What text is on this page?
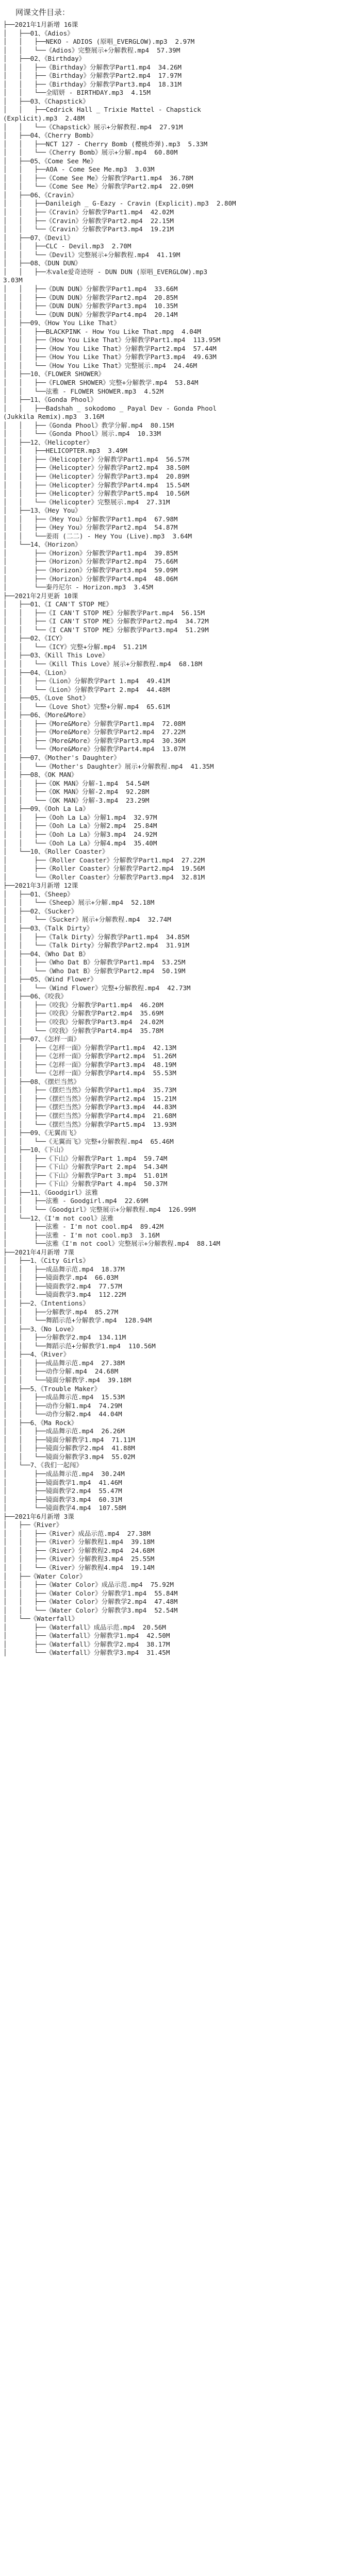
网课文件目录：
├──2021年1月新增 16课
│   ├──01、《Adios》
│   │   ├──NEKO - ADIOS (原唱_EVERGLOW).mp3  2.97M
│   │   └──《Adios》完整展示+分解教程.mp4  57.39M
│   ├──02、《Birthday》
│   │   ├──《Birthday》分解教学Part1.mp4  34.26M
│   │   ├──《Birthday》分解教学Part2.mp4  17.97M
│   │   ├──《Birthday》分解教学Part3.mp4  18.31M
│   │   └──全昭妍 - BIRTHDAY.mp3  4.15M
│   ├──03、《Chapstick》
│   │   ├──Cedrick Hall _ Trixie Mattel - Chapstick
(Explicit).mp3  2.48M
│   │   └──《Chapstick》展示+分解教程.mp4  27.91M
│   ├──04、《Cherry Bomb》
│   │   ├──NCT 127 - Cherry Bomb (樱桃炸弹).mp3  5.33M
│   │   └──《Cherry Bomb》展示+分解.mp4  60.80M
│   ├──05、《Come See Me》
│   │   ├──AOA - Come See Me.mp3  3.03M
│   │   ├──《Come See Me》分解教学Part1.mp4  36.78M
│   │   └──《Come See Me》分解教学Part2.mp4  22.09M
│   ├──06、《Cravin》
│   │   ├──Danileigh _ G-Eazy - Cravin (Explicit).mp3  2.80M
│   │   ├──《Cravin》分解教学Part1.mp4  42.02M
│   │   ├──《Cravin》分解教学Part2.mp4  22.15M
│   │   └──《Cravin》分解教学Part3.mp4  19.21M
│   ├──07、《Devil》
│   │   ├──CLC - Devil.mp3  2.70M
│   │   └──《Devil》完整展示+分解教程.mp4  41.19M
│   ├──08、《DUN DUN》
│   │   ├──木vale爱奇迹呀 - DUN DUN (原唱_EVERGLOW).mp3
3.03M
│   │   ├──《DUN DUN》分解教学Part1.mp4  33.66M
│   │   ├──《DUN DUN》分解教学Part2.mp4  20.85M
│   │   ├──《DUN DUN》分解教学Part3.mp4  10.35M
│   │   └──《DUN DUN》分解教学Part4.mp4  20.14M
│   ├──09、《How You Like That》
│   │   ├──BLACKPINK - How You Like That.mpg  4.04M
│   │   ├──《How You Like That》分解教学Part1.mp4  113.95M
│   │   ├──《How You Like That》分解教学Part2.mp4  57.44M
│   │   ├──《How You Like That》分解教学Part3.mp4  49.63M
│   │   └──《How You Like That》完整展示.mp4  24.46M
│   ├──10、《FLOWER SHOWER》
│   │   ├──《FLOWER SHOWER》完整+分解教学.mp4  53.84M
│   │   └──泫雅 - FLOWER SHOWER.mp3  4.52M
│   ├──11、《Gonda Phool》
│   │   ├──Badshah _ sokodomo _ Payal Dev - Gonda Phool
(Jukkila Remix).mp3  3.16M
│   │   ├──《Gonda Phool》教学分解.mp4  80.15M
│   │   └──《Gonda Phool》展示.mp4  10.33M
│   ├──12、《Helicopter》
│   │   ├──HELICOPTER.mp3  3.49M
│   │   ├──《Helicopter》分解教学Part1.mp4  56.57M
│   │   ├──《Helicopter》分解教学Part2.mp4  38.50M
│   │   ├──《Helicopter》分解教学Part3.mp4  20.89M
│   │   ├──《Helicopter》分解教学Part4.mp4  15.54M
│   │   ├──《Helicopter》分解教学Part5.mp4  10.56M
│   │   └──《Helicopter》完整展示.mp4  27.31M
│   ├──13、《Hey You》
│   │   ├──《Hey You》分解教学Part1.mp4  67.98M
│   │   ├──《Hey You》分解教学Part2.mp4  54.87M
│   │   └──姜雨 (二二) - Hey You (Live).mp3  3.64M
│   └──14、《Horizon》
│       ├──《Horizon》分解教学Part1.mp4  39.85M
│       ├──《Horizon》分解教学Part2.mp4  75.66M
│       ├──《Horizon》分解教学Part3.mp4  59.09M
│       ├──《Horizon》分解教学Part4.mp4  48.06M
│       └──秦丹尼尔 - Horizon.mp3  3.45M
├──2021年2月更新 10课
│   ├──01、《I CAN'T STOP ME》
│   │   ├──《I CAN'T STOP ME》分解教学Part.mp4  56.15M
│   │   ├──《I CAN'T STOP ME》分解教学Part2.mp4  34.72M
│   │   └──《I CAN'T STOP ME》分解教学Part3.mp4  51.29M
│   ├──02、《ICY》
│   │   └──《ICY》完整+分解.mp4  51.21M
│   ├──03、《Kill This Love》
│   │   └──《Kill This Love》展示+分解教程.mp4  68.18M
│   ├──04、《Lion》
│   │   ├──《Lion》分解教学Part 1.mp4  49.41M
│   │   └──《Lion》分解教学Part 2.mp4  44.48M
│   ├──05、《Love Shot》
│   │   └──《Love Shot》完整+分解.mp4  65.61M
│   ├──06、《More&More》
│   │   ├──《More&More》分解教学Part1.mp4  72.08M
│   │   ├──《More&More》分解教学Part2.mp4  27.22M
│   │   ├──《More&More》分解教学Part3.mp4  30.36M
│   │   └──《More&More》分解教学Part4.mp4  13.07M
│   ├──07、《Mother's Daughter》
│   │   └──《Mother's Daughter》展示+分解教程.mp4  41.35M
│   ├──08、《OK MAN》
│   │   ├──《OK MAN》分解-1.mp4  54.54M
│   │   ├──《OK MAN》分解-2.mp4  92.28M
│   │   └──《OK MAN》分解-3.mp4  23.29M
│   ├──09、《Ooh La La》
│   │   ├──《Ooh La La》分解1.mp4  32.97M
│   │   ├──《Ooh La La》分解2.mp4  25.84M
│   │   ├──《Ooh La La》分解3.mp4  24.92M
│   │   └──《Ooh La La》分解4.mp4  35.40M
│   └──10、《Roller Coaster》
│       ├──《Roller Coaster》分解教学Part1.mp4  27.22M
│       ├──《Roller Coaster》分解教学Part2.mp4  19.56M
│       └──《Roller Coaster》分解教学Part3.mp4  32.81M
├──2021年3月新增 12课
│   ├──01、《Sheep》
│   │   └──《Sheep》展示+分解.mp4  52.18M
│   ├──02、《Sucker》
│   │   └──《Sucker》展示+分解教程.mp4  32.74M
│   ├──03、《Talk Dirty》
│   │   ├──《Talk Dirty》分解教学Part1.mp4  34.85M
│   │   └──《Talk Dirty》分解教学Part2.mp4  31.91M
│   ├──04、《Who Dat B》
│   │   ├──《Who Dat B》分解教学Part1.mp4  53.25M
│   │   └──《Who Dat B》分解教学Part2.mp4  50.19M
│   ├──05、《Wind Flower》
│   │   └──《Wind Flower》完整+分解教程.mp4  42.73M
│   ├──06、《咬我》
│   │   ├──《咬我》分解教学Part1.mp4  46.20M
│   │   ├──《咬我》分解教学Part2.mp4  35.69M
│   │   ├──《咬我》分解教学Part3.mp4  24.02M
│   │   └──《咬我》分解教学Part4.mp4  35.78M
│   ├──07、《怎样一面》
│   │   ├──《怎样一面》分解教学Part1.mp4  42.13M
│   │   ├──《怎样一面》分解教学Part2.mp4  51.26M
│   │   ├──《怎样一面》分解教学Part3.mp4  48.19M
│   │   └──《怎样一面》分解教学Part4.mp4  55.53M
│   ├──08、《摆烂当然》
│   │   ├──《摆烂当然》分解教学Part1.mp4  35.73M
│   │   ├──《摆烂当然》分解教学Part2.mp4  15.21M
│   │   ├──《摆烂当然》分解教学Part3.mp4  44.83M
│   │   ├──《摆烂当然》分解教学Part4.mp4  21.68M
│   │   └──《摆烂当然》分解教学Part5.mp4  13.93M
│   ├──09、《无翼而飞》
│   │   └──《无翼而飞》完整+分解教程.mp4  65.46M
│   ├──10、《下山》
│   │   ├──《下山》分解教学Part 1.mp4  59.74M
│   │   ├──《下山》分解教学Part 2.mp4  54.34M
│   │   ├──《下山》分解教学Part 3.mp4  51.01M
│   │   ├──《下山》分解教学Part 4.mp4  50.37M
│   ├──11、《Goodgirl》泫雅
│   │   ├──泫雅 - Goodgirl.mp4  22.69M
│   │   └──《Goodgirl》完整展示+分解教程.mp4  126.99M
│   └──12、《I'm not cool》泫雅
│       ├──泫雅 - I'm not cool.mp4  89.42M
│       ├──泫雅 - I'm not cool.mp3  3.16M
│       └──泫雅《I'm not cool》完整展示+分解教程.mp4  88.14M
├──2021年4月新增 7课
│   ├──1、《City Girls》
│   │   ├──成品舞示范.mp4  18.37M
│   │   ├──镜面教学.mp4  66.03M
│   │   ├──镜面教学2.mp4  77.57M
│   │   └──镜面教学3.mp4  112.22M
│   ├──2、《Intentions》
│   │   ├──分解教学.mp4  85.27M
│   │   └──舞蹈示范+分解教学.mp4  128.94M
│   ├──3、《No Love》
│   │   ├──分解教学2.mp4  134.11M
│   │   └──舞蹈示范+分解教学1.mp4  110.56M
│   ├──4、《River》
│   │   ├──成品舞示范.mp4  27.38M
│   │   ├──动作分解.mp4  24.68M
│   │   └──镜面分解教学.mp4  39.18M
│   ├──5、《Trouble Maker》
│   │   ├──成品舞示范.mp4  15.53M
│   │   ├──动作分解1.mp4  74.29M
│   │   └──动作分解2.mp4  44.04M
│   ├──6、《Ma Rock》
│   │   ├──成品舞示范.mp4  26.26M
│   │   ├──镜面分解教学1.mp4  71.11M
│   │   ├──镜面分解教学2.mp4  41.88M
│   │   └──镜面分解教学3.mp4  55.02M
│   └──7、《我们一起闯》
│       ├──成品舞示范.mp4  30.24M
│       ├──镜面教学1.mp4  41.46M
│       ├──镜面教学2.mp4  55.47M
│       ├──镜面教学3.mp4  60.31M
│       └──镜面教学4.mp4  107.58M
├──2021年6月新增 3课
│   ├──《River》
│   │   ├──《River》成品示范.mp4  27.38M
│   │   ├──《River》分解教程1.mp4  39.18M
│   │   ├──《River》分解教程2.mp4  24.68M
│   │   ├──《River》分解教程3.mp4  25.55M
│   │   └──《River》分解教程4.mp4  19.14M
│   ├──《Water Color》
│   │   ├──《Water Color》成品示范.mp4  75.92M
│   │   ├──《Water Color》分解教学1.mp4  55.84M
│   │   ├──《Water Color》分解教学2.mp4  47.48M
│   │   └──《Water Color》分解教学3.mp4  52.54M
│   └──《Waterfall》
│       ├──《Waterfall》成品示范.mp4  20.56M
│       ├──《Waterfall》分解教学1.mp4  42.50M
│       ├──《Waterfall》分解教学2.mp4  38.17M
│       └──《Waterfall》分解教学3.mp4  31.45M
